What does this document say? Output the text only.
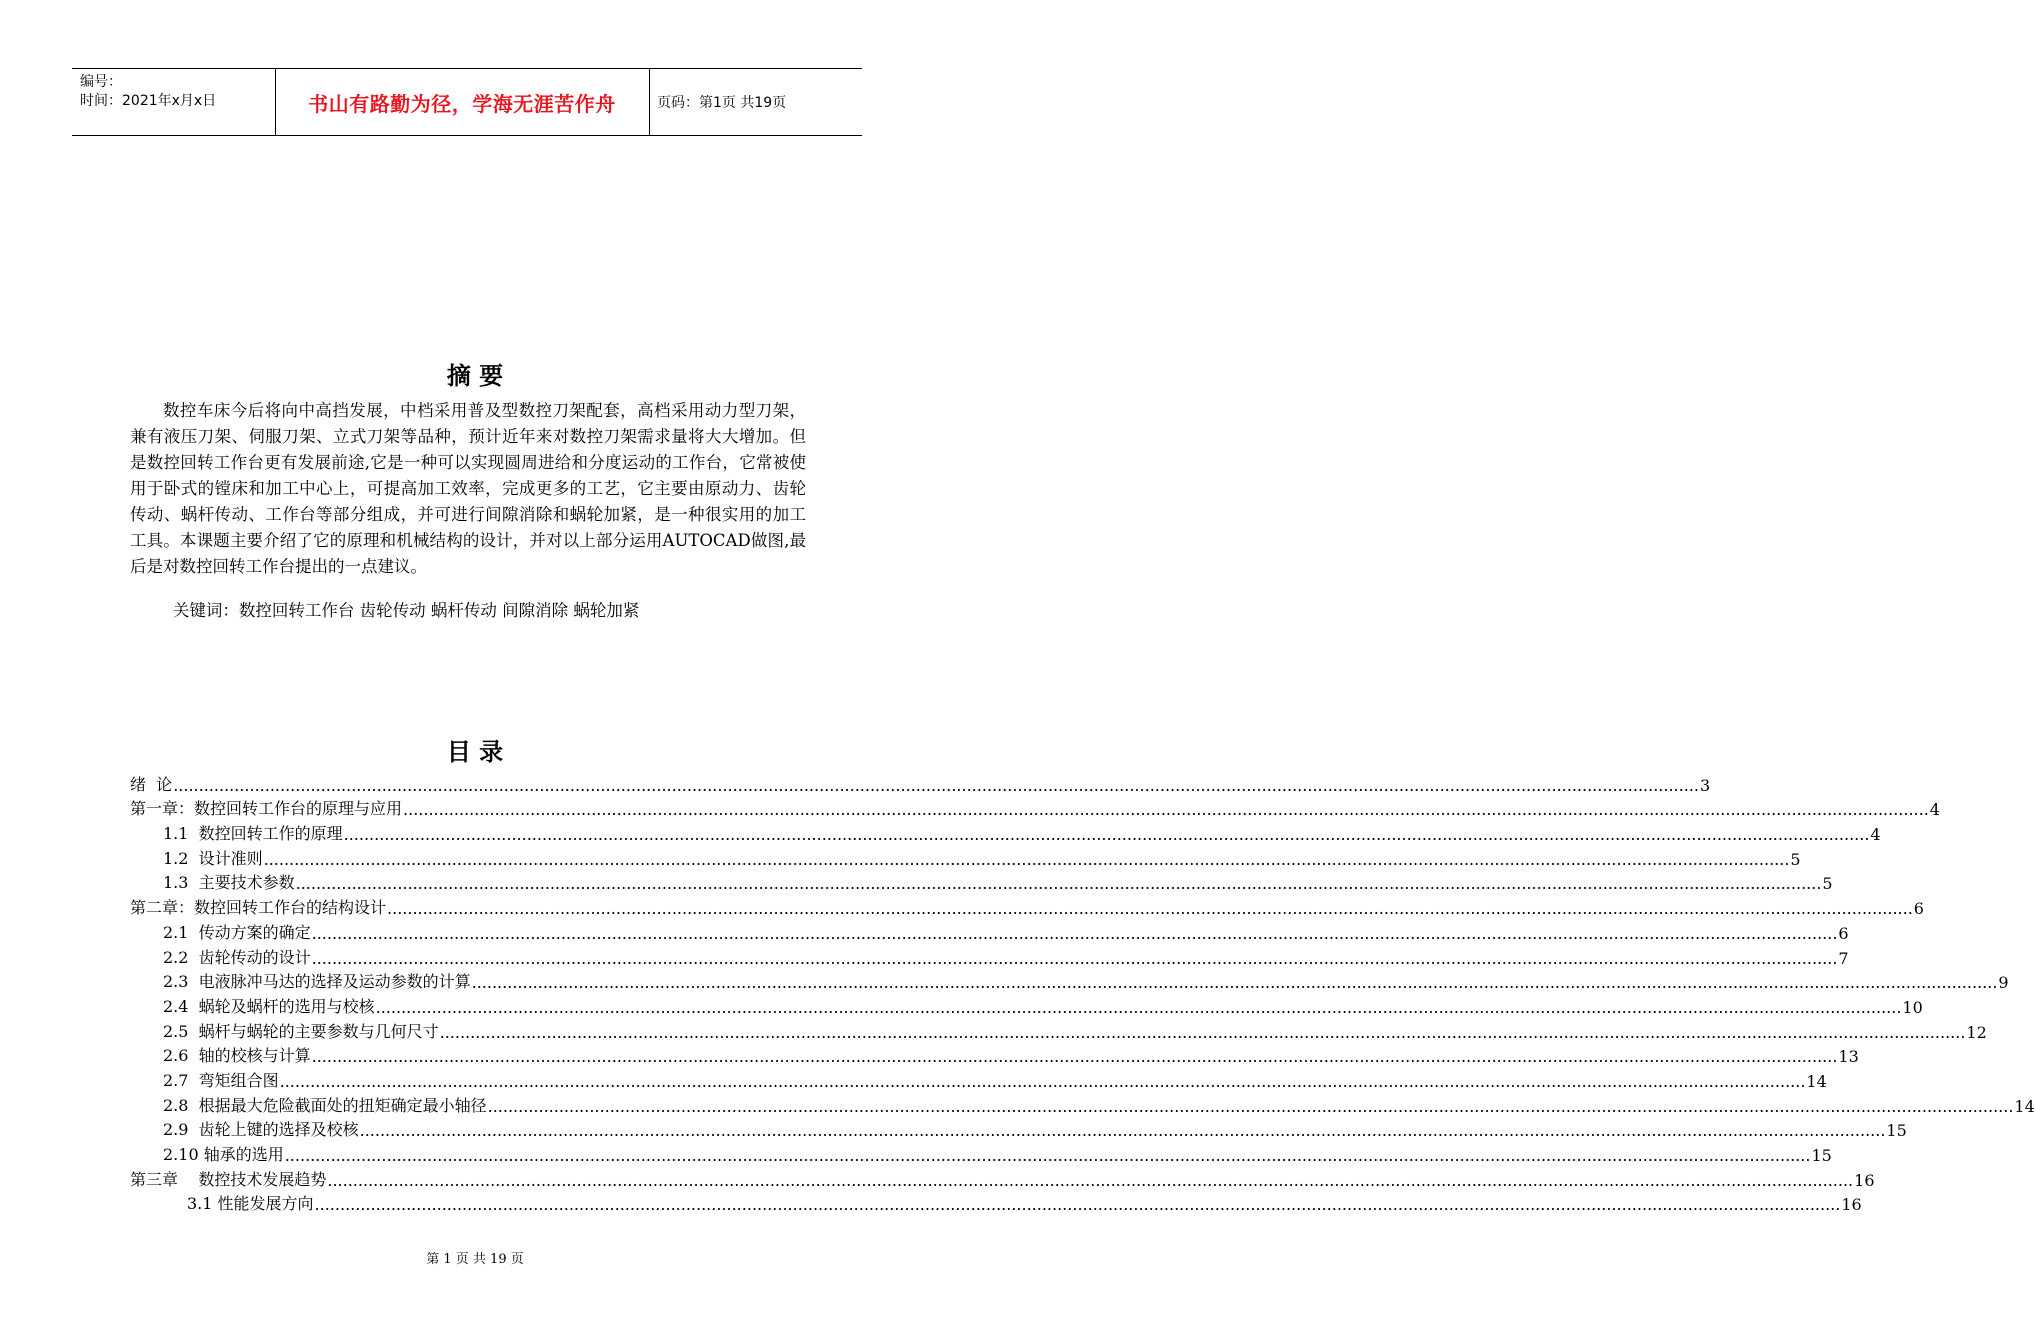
编号：
时间：2021年x月x日	书山有路勤为径，学海无涯苦作舟	页码：第1页 共19页
摘 要

数控车床今后将向中高挡发展，中档采用普及型数控刀架配套，高档采用动力型刀架，兼有液压刀架、伺服刀架、立式刀架等品种，预计近年来对数控刀架需求量将大大增加。但是数控回转工作台更有发展前途,它是一种可以实现圆周进给和分度运动的工作台，它常被使用于卧式的镗床和加工中心上，可提高加工效率，完成更多的工艺，它主要由原动力、齿轮传动、蜗杆传动、工作台等部分组成，并可进行间隙消除和蜗轮加紧，是一种很实用的加工工具。本课题主要介绍了它的原理和机械结构的设计，并对以上部分运用AUTOCAD做图,最后是对数控回转工作台提出的一点建议。

关键词：数控回转工作台 齿轮传动 蜗杆传动 间隙消除 蜗轮加紧
目 录
绪  论 ............................................................................................................................................................................................................................................................................................................ 3
第一章：数控回转工作台的原理与应用 ............................................................................................................................................................................................................................................................................................................ 4
1.1  数控回转工作的原理 ............................................................................................................................................................................................................................................................................................................ 4
1.2  设计准则 ............................................................................................................................................................................................................................................................................................................ 5
1.3  主要技术参数 ............................................................................................................................................................................................................................................................................................................ 5
第二章：数控回转工作台的结构设计 ............................................................................................................................................................................................................................................................................................................ 6
2.1  传动方案的确定 ............................................................................................................................................................................................................................................................................................................ 6
2.2  齿轮传动的设计 ............................................................................................................................................................................................................................................................................................................ 7
2.3  电液脉冲马达的选择及运动参数的计算 ............................................................................................................................................................................................................................................................................................................ 9
2.4  蜗轮及蜗杆的选用与校核 ............................................................................................................................................................................................................................................................................................................ 10
2.5  蜗杆与蜗轮的主要参数与几何尺寸 ............................................................................................................................................................................................................................................................................................................ 12
2.6  轴的校核与计算 ............................................................................................................................................................................................................................................................................................................ 13
2.7  弯矩组合图 ............................................................................................................................................................................................................................................................................................................ 14
2.8  根据最大危险截面处的扭矩确定最小轴径 ............................................................................................................................................................................................................................................................................................................ 14
2.9  齿轮上键的选择及校核 ............................................................................................................................................................................................................................................................................................................ 15
2.10 轴承的选用 ............................................................................................................................................................................................................................................................................................................ 15
第三章    数控技术发展趋势 ............................................................................................................................................................................................................................................................................................................ 16
3.1 性能发展方向 ............................................................................................................................................................................................................................................................................................................ 16
第 1 页 共 19 页
